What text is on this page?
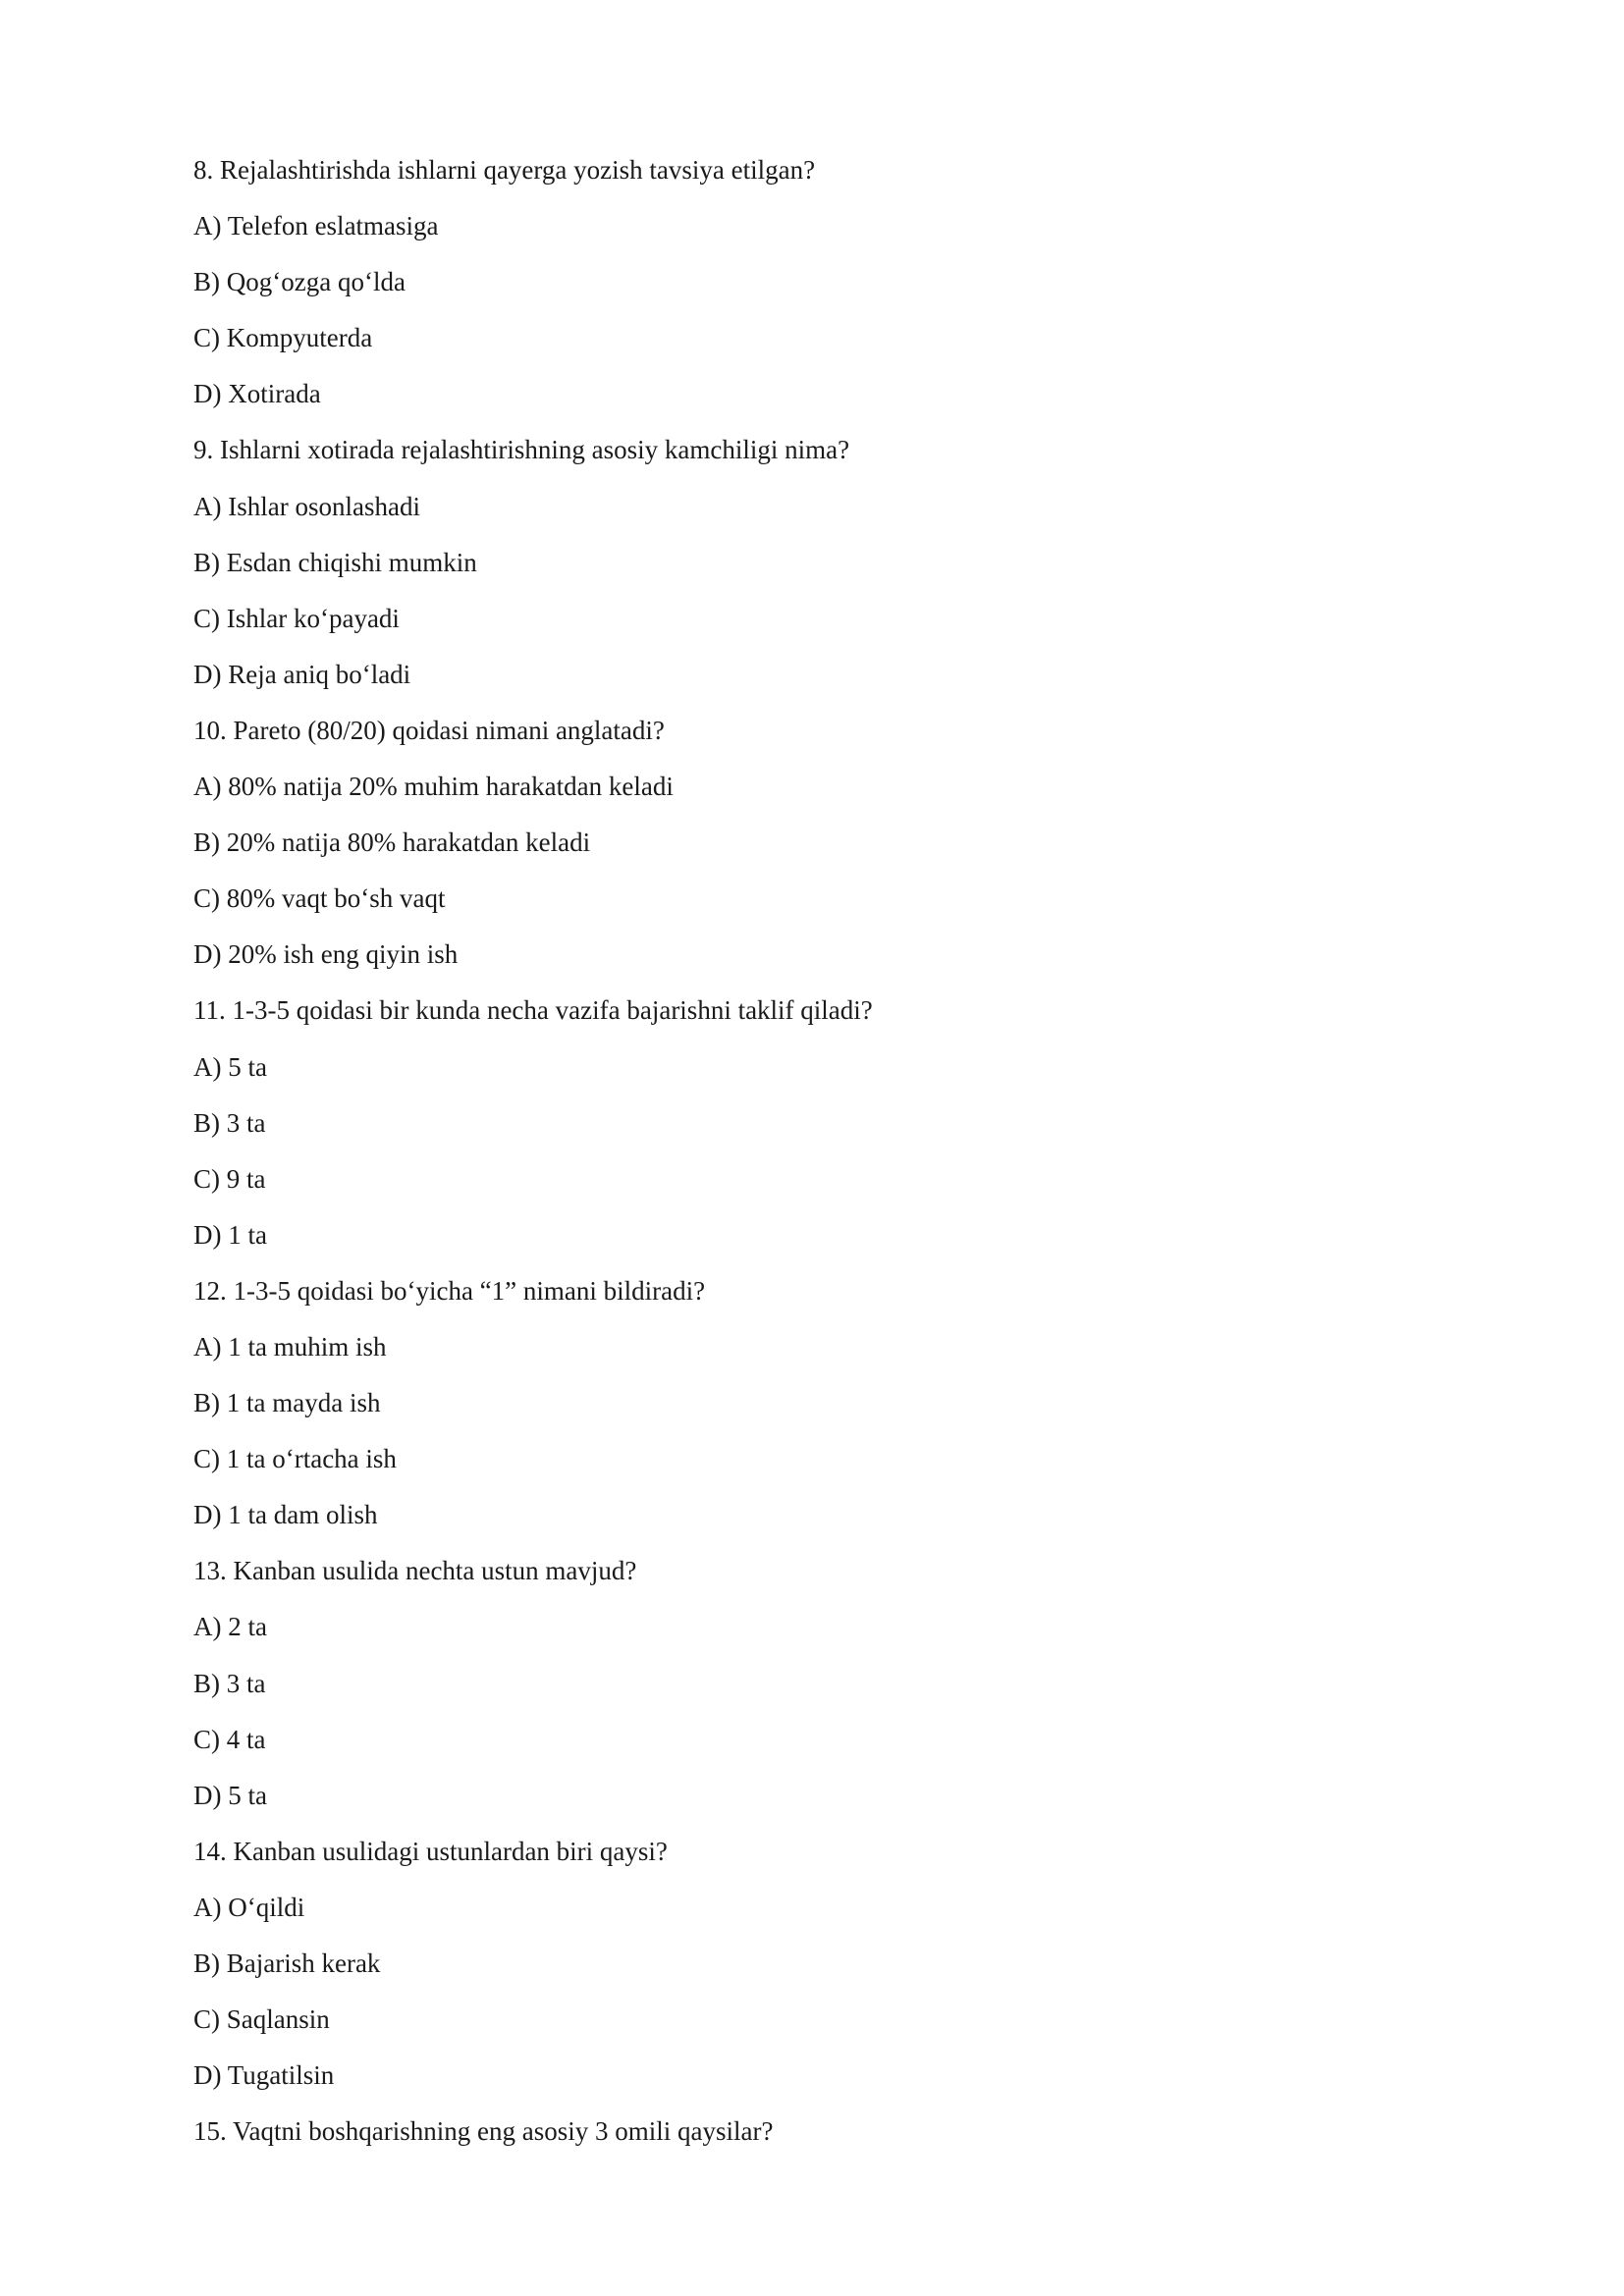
8. Rejalashtirishda ishlarni qayerga yozish tavsiya etilgan?
A) Telefon eslatmasiga
B) Qog‘ozga qo‘lda
C) Kompyuterda
D) Xotirada
9. Ishlarni xotirada rejalashtirishning asosiy kamchiligi nima?
A) Ishlar osonlashadi
B) Esdan chiqishi mumkin
C) Ishlar ko‘payadi
D) Reja aniq bo‘ladi
10. Pareto (80/20) qoidasi nimani anglatadi?
A) 80% natija 20% muhim harakatdan keladi
B) 20% natija 80% harakatdan keladi
C) 80% vaqt bo‘sh vaqt
D) 20% ish eng qiyin ish
11. 1-3-5 qoidasi bir kunda necha vazifa bajarishni taklif qiladi?
A) 5 ta
B) 3 ta
C) 9 ta
D) 1 ta
12. 1-3-5 qoidasi bo‘yicha “1” nimani bildiradi?
A) 1 ta muhim ish
B) 1 ta mayda ish
C) 1 ta o‘rtacha ish
D) 1 ta dam olish
13. Kanban usulida nechta ustun mavjud?
A) 2 ta
B) 3 ta
C) 4 ta
D) 5 ta
14. Kanban usulidagi ustunlardan biri qaysi?
A) O‘qildi
B) Bajarish kerak
C) Saqlansin
D) Tugatilsin
15. Vaqtni boshqarishning eng asosiy 3 omili qaysilar?
